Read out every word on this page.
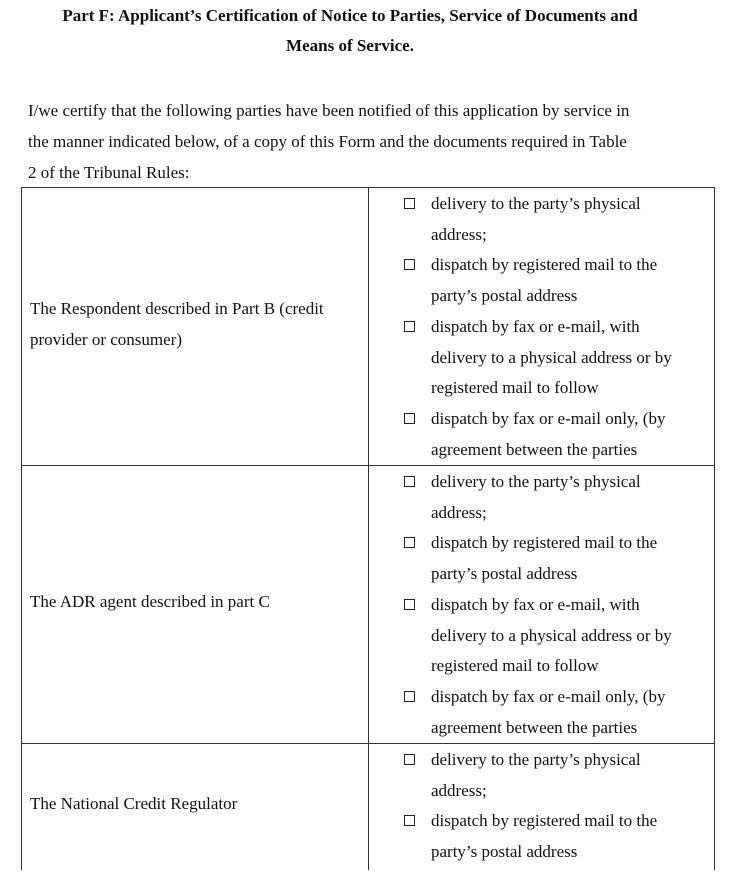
Part F: Applicant’s Certification of Notice to Parties, Service of Documents and
Means of Service.
I/we certify that the following parties have been notified of this application by service in
the manner indicated below, of a copy of this Form and the documents required in Table
2 of the Tribunal Rules:
The Respondent described in Part B (credit
provider or consumer)
delivery to the party’s physical
address;
dispatch by registered mail to the
party’s postal address
dispatch by fax or e-mail, with
delivery to a physical address or by
registered mail to follow
dispatch by fax or e-mail only, (by
agreement between the parties
The ADR agent described in part C
delivery to the party’s physical
address;
dispatch by registered mail to the
party’s postal address
dispatch by fax or e-mail, with
delivery to a physical address or by
registered mail to follow
dispatch by fax or e-mail only, (by
agreement between the parties
The National Credit Regulator
delivery to the party’s physical
address;
dispatch by registered mail to the
party’s postal address
